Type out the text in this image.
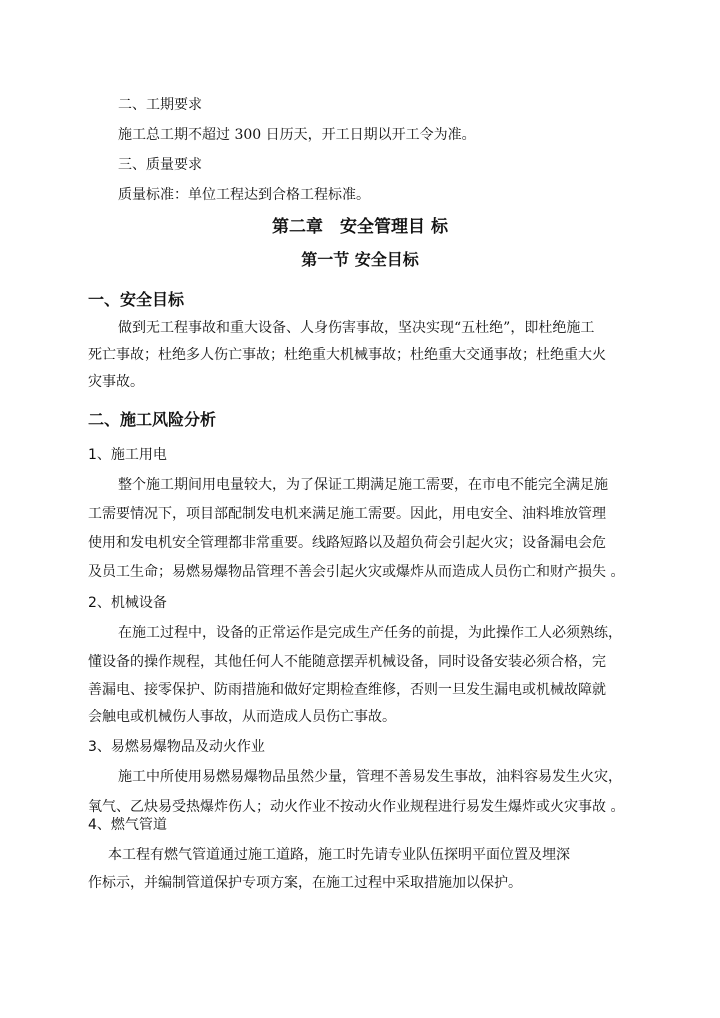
二、工期要求
施工总工期不超过 300 日历天，开工日期以开工令为准。
三、质量要求
质量标准：单位工程达到合格工程标准。
第二章　安全管理目 标
第一节 安全目标
一、安全目标
做到无工程事故和重大设备、人身伤害事故，坚决实现“五杜绝”，即杜绝施工
死亡事故；杜绝多人伤亡事故；杜绝重大机械事故；杜绝重大交通事故；杜绝重大火
灾事故。
二、施工风险分析
1、施工用电
整个施工期间用电量较大，为了保证工期满足施工需要，在市电不能完全满足施
工需要情况下，项目部配制发电机来满足施工需要。因此，用电安全、油料堆放管理
使用和发电机安全管理都非常重要。线路短路以及超负荷会引起火灾；设备漏电会危
及员工生命；易燃易爆物品管理不善会引起火灾或爆炸从而造成人员伤亡和财产损失 。
2、机械设备
在施工过程中，设备的正常运作是完成生产任务的前提，为此操作工人必须熟练，
懂设备的操作规程，其他任何人不能随意摆弄机械设备，同时设备安装必须合格，完
善漏电、接零保护、防雨措施和做好定期检查维修，否则一旦发生漏电或机械故障就
会触电或机械伤人事故，从而造成人员伤亡事故。
3、易燃易爆物品及动火作业
施工中所使用易燃易爆物品虽然少量，管理不善易发生事故，油料容易发生火灾，
氧气、乙炔易受热爆炸伤人；动火作业不按动火作业规程进行易发生爆炸或火灾事故 。
4、燃气管道
本工程有燃气管道通过施工道路，施工时先请专业队伍探明平面位置及埋深
作标示，并编制管道保护专项方案，在施工过程中采取措施加以保护。
